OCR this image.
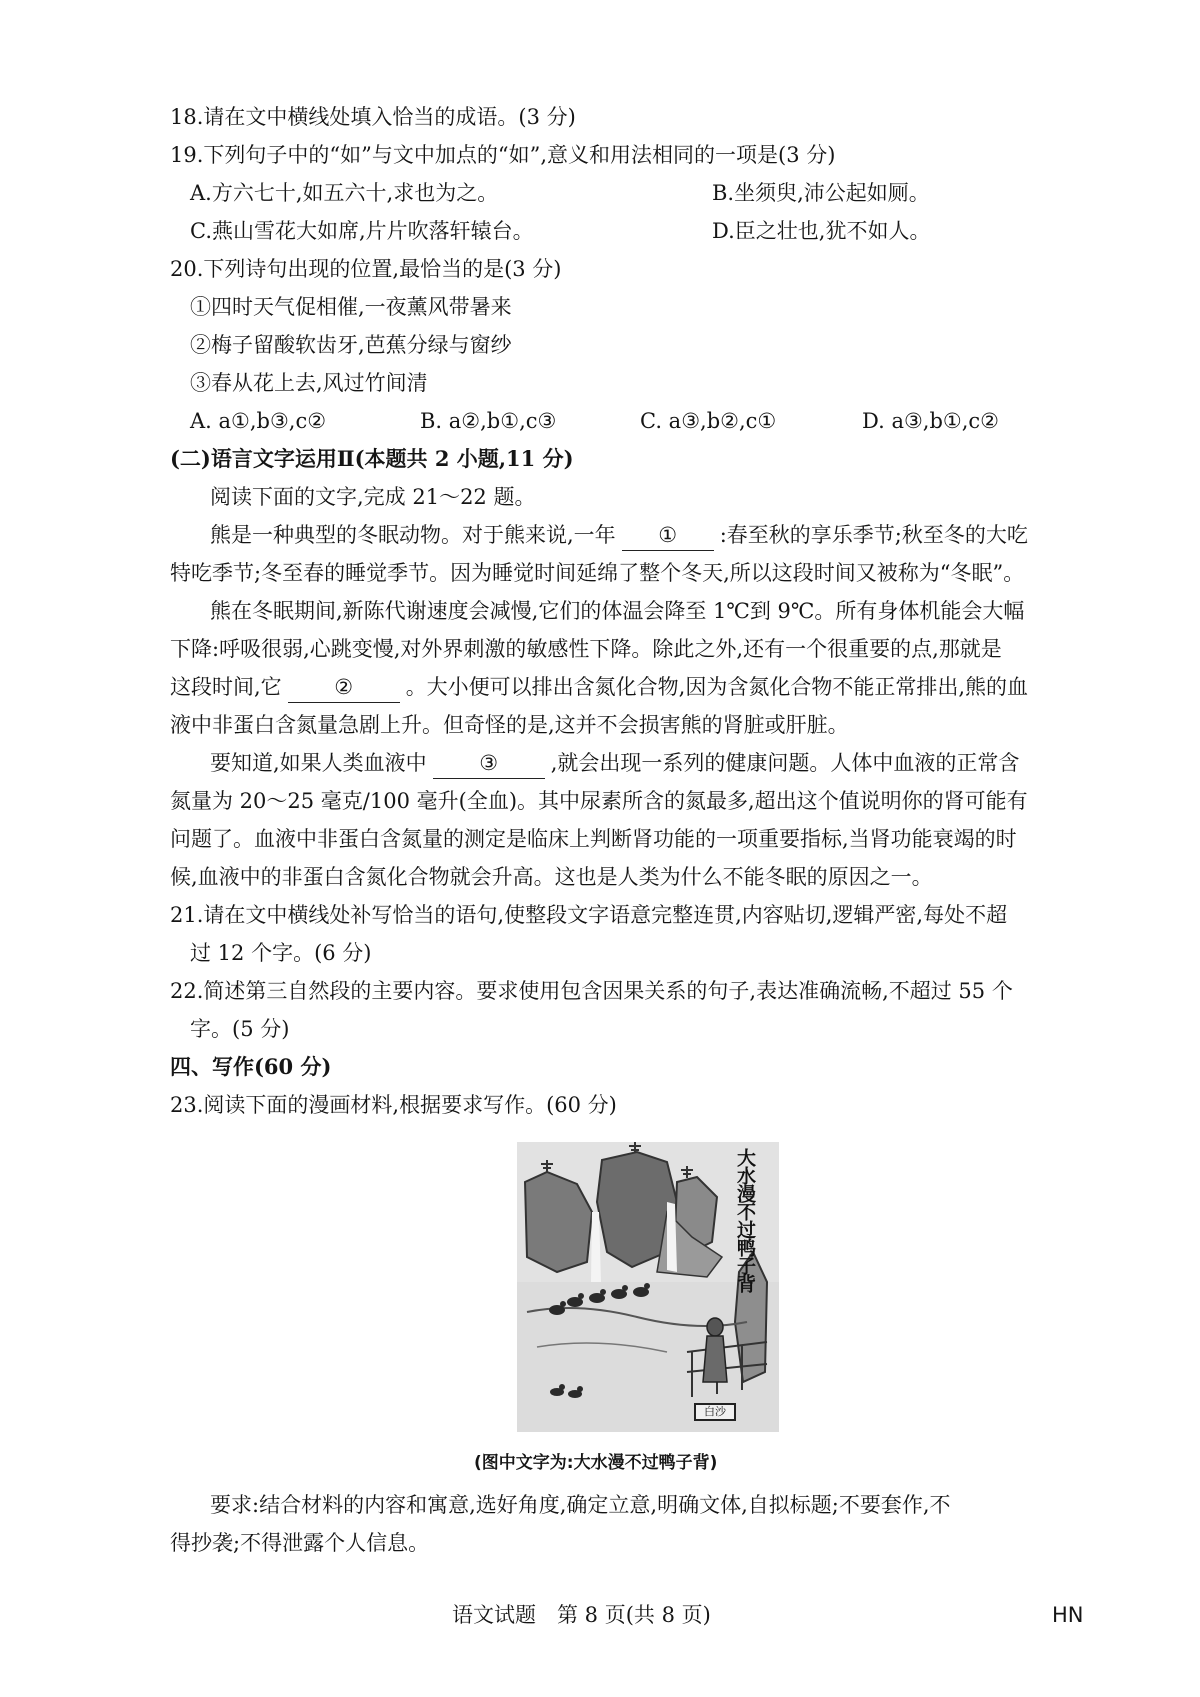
18.请在文中横线处填入恰当的成语。(3 分)
19.下列句子中的“如”与文中加点的“如”,意义和用法相同的一项是(3 分)
A.方六七十,如五六十,求也为之。	B.坐须臾,沛公起如厕。
C.燕山雪花大如席,片片吹落轩辕台。	D.臣之壮也,犹不如人。
20.下列诗句出现的位置,最恰当的是(3 分)
①四时天气促相催,一夜薰风带暑来
②梅子留酸软齿牙,芭蕉分绿与窗纱
③春从花上去,风过竹间清
A. a①,b③,c②	B. a②,b①,c③	C. a③,b②,c①	D. a③,b①,c②
(二)语言文字运用Ⅱ(本题共 2 小题,11 分)
阅读下面的文字,完成 21～22 题。
熊是一种典型的冬眠动物。对于熊来说,一年 ① :春至秋的享乐季节;秋至冬的大吃
特吃季节;冬至春的睡觉季节。因为睡觉时间延绵了整个冬天,所以这段时间又被称为“冬眠”。
熊在冬眠期间,新陈代谢速度会减慢,它们的体温会降至 1℃到 9℃。所有身体机能会大幅
下降:呼吸很弱,心跳变慢,对外界刺激的敏感性下降。除此之外,还有一个很重要的点,那就是
这段时间,它	②	。大小便可以排出含氮化合物,因为含氮化合物不能正常排出,熊的血
液中非蛋白含氮量急剧上升。但奇怪的是,这并不会损害熊的肾脏或肝脏。
要知道,如果人类血液中	③	,就会出现一系列的健康问题。人体中血液的正常含
氮量为 20～25 毫克/100 毫升(全血)。其中尿素所含的氮最多,超出这个值说明你的肾可能有
问题了。血液中非蛋白含氮量的测定是临床上判断肾功能的一项重要指标,当肾功能衰竭的时
候,血液中的非蛋白含氮化合物就会升高。这也是人类为什么不能冬眠的原因之一。
21.请在文中横线处补写恰当的语句,使整段文字语意完整连贯,内容贴切,逻辑严密,每处不超
过 12 个字。(6 分)
22.简述第三自然段的主要内容。要求使用包含因果关系的句子,表达准确流畅,不超过 55 个
字。(5 分)
四、写作(60 分)
23.阅读下面的漫画材料,根据要求写作。(60 分)
大水漫不过鸭子背
白沙
(图中文字为:大水漫不过鸭子背)
要求:结合材料的内容和寓意,选好角度,确定立意,明确文体,自拟标题;不要套作,不
得抄袭;不得泄露个人信息。
语文试题　第 8 页(共 8 页)	HN
